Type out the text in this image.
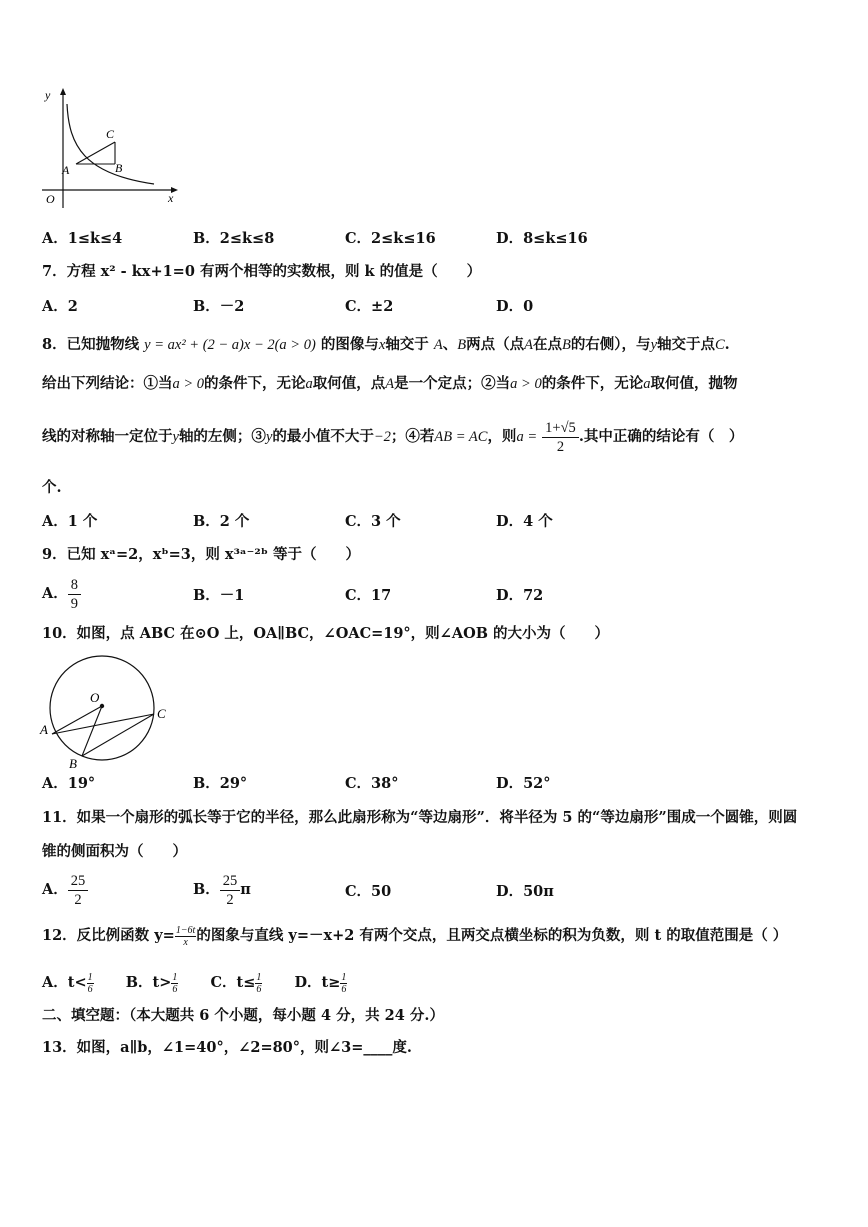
y
x
O
A	B
C
A．1≤k≤4	B．2≤k≤8	C．2≤k≤16	D．8≤k≤16
7．方程 x² - kx+1=0 有两个相等的实数根，则 k 的值是（　　）
A．2	B．－2	C．±2	D．0
8．已知抛物线 y = ax² + (2 − a)x − 2(a > 0) 的图像与x轴交于 A、B两点（点A在点B的右侧），与y轴交于点C.
给出下列结论：①当a > 0的条件下，无论a取何值，点A是一个定点；②当a > 0的条件下，无论a取何值，抛物
线的对称轴一定位于y轴的左侧；③y的最小值不大于−2；④若AB = AC，则$a = \frac{1+√5}{2}$ .其中正确的结论有（　）
个.
A．1 个	B．2 个	C．3 个	D．4 个
9．已知 xᵃ=2，xᵇ=3，则 x³ᵃ⁻²ᵇ 等于（　　）
A． $\frac{8}{9}$	B．－1	C．17	D．72
10．如图，点 ABC 在⊙O 上，OA∥BC，∠OAC=19°，则∠AOB 的大小为（　　）
O
A
B
C
A．19°	B．29°	C．38°	D．52°
11．如果一个扇形的弧长等于它的半径，那么此扇形称为“等边扇形”．将半径为 5 的“等边扇形”围成一个圆锥，则圆
锥的侧面积为（　　）
A． $\frac{25}{2}$	B． $\frac{25}{2}$ π	C．50	D．50π
12．反比例函数 $y= \frac{1-6t}{x}$ 的图象与直线 y=－x+2 有两个交点，且两交点横坐标的积为负数，则 t 的取值范围是（ ）
A．$t< \frac{1}{6}$ B．$t> \frac{1}{6}$ C．$t\le \frac{1}{6}$ D．$t\ge \frac{1}{6}$
二、填空题：（本大题共 6 个小题，每小题 4 分，共 24 分.）
13．如图，a∥b，∠1=40°，∠2=80°，则∠3=____度.
